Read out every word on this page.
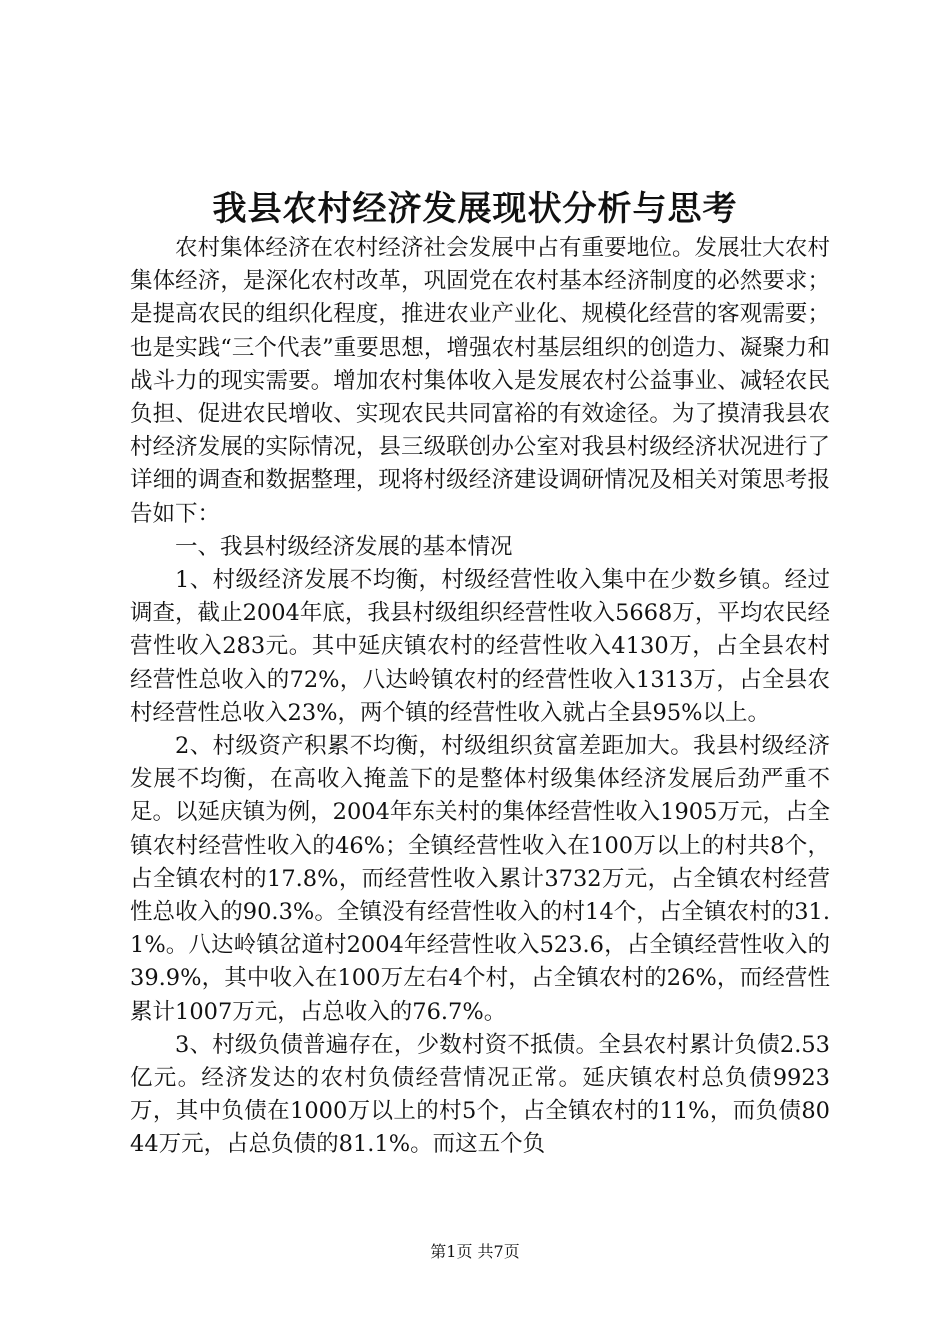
我县农村经济发展现状分析与思考

农村集体经济在农村经济社会发展中占有重要地位。发展壮大农村集体经济，是深化农村改革，巩固党在农村基本经济制度的必然要求；是提高农民的组织化程度，推进农业产业化、规模化经营的客观需要；也是实践“三个代表”重要思想，增强农村基层组织的创造力、凝聚力和战斗力的现实需要。增加农村集体收入是发展农村公益事业、减轻农民负担、促进农民增收、实现农民共同富裕的有效途径。为了摸清我县农村经济发展的实际情况，县三级联创办公室对我县村级经济状况进行了详细的调查和数据整理，现将村级经济建设调研情况及相关对策思考报告如下：

一、我县村级经济发展的基本情况

1、村级经济发展不均衡，村级经营性收入集中在少数乡镇。经过调查，截止2004年底，我县村级组织经营性收入5668万，平均农民经营性收入283元。其中延庆镇农村的经营性收入4130万，占全县农村经营性总收入的72%，八达岭镇农村的经营性收入1313万，占全县农村经营性总收入23%，两个镇的经营性收入就占全县95%以上。

2、村级资产积累不均衡，村级组织贫富差距加大。我县村级经济发展不均衡，在高收入掩盖下的是整体村级集体经济发展后劲严重不足。以延庆镇为例，2004年东关村的集体经营性收入1905万元，占全镇农村经营性收入的46%；全镇经营性收入在100万以上的村共8个，占全镇农村的17.8%，而经营性收入累计3732万元，占全镇农村经营性总收入的90.3%。全镇没有经营性收入的村14个，占全镇农村的31.1%。八达岭镇岔道村2004年经营性收入523.6，占全镇经营性收入的39.9%，其中收入在100万左右4个村，占全镇农村的26%，而经营性累计1007万元，占总收入的76.7%。

3、村级负债普遍存在，少数村资不抵债。全县农村累计负债2.53亿元。经济发达的农村负债经营情况正常。延庆镇农村总负债9923万，其中负债在1000万以上的村5个，占全镇农村的11%，而负债8044万元，占总负债的81.1%。而这五个负

第1页 共7页
